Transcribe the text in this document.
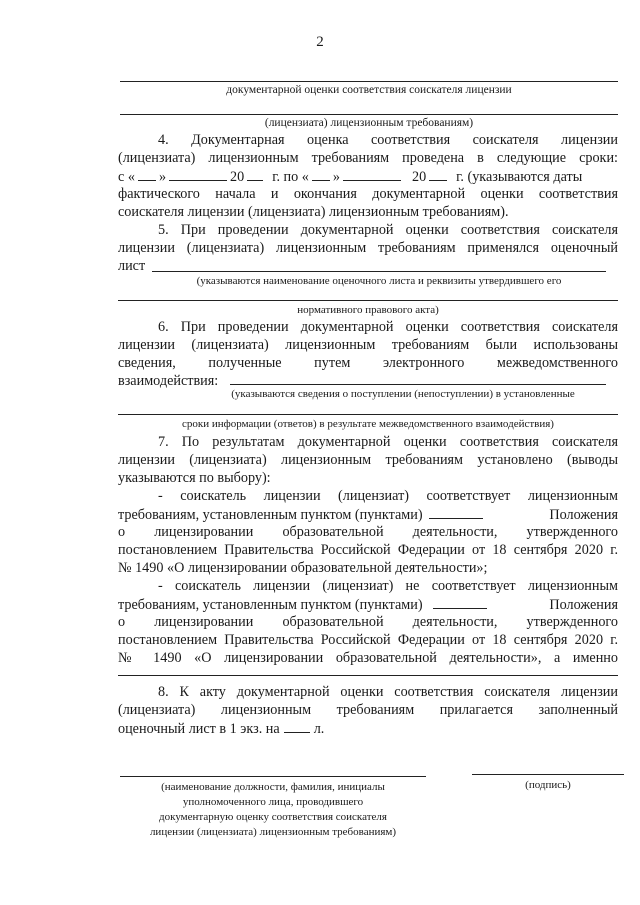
2
документарной оценки соответствия соискателя лицензии
(лицензиата) лицензионным требованиям)
4. Документарная оценка соответствия соискателя лицензии
(лицензиата) лицензионным требованиям проведена в следующие сроки:
с « »	20 г. по « »	20 г. (указываются даты
фактического начала и окончания документарной оценки соответствия
соискателя лицензии (лицензиата) лицензионным требованиям).
5. При проведении документарной оценки соответствия соискателя
лицензии (лицензиата) лицензионным требованиям применялся оценочный
лист
(указываются наименование оценочного листа и реквизиты утвердившего его
нормативного правового акта)
6. При проведении документарной оценки соответствия соискателя
лицензии (лицензиата) лицензионным требованиям были использованы
сведения, полученные путем электронного межведомственного
взаимодействия:
(указываются сведения о поступлении (непоступлении) в установленные
сроки информации (ответов) в результате межведомственного взаимодействия)
7. По результатам документарной оценки соответствия соискателя
лицензии (лицензиата) лицензионным требованиям установлено (выводы
указываются по выбору):
- соискатель лицензии (лицензиат) соответствует лицензионным
требованиям, установленным пунктом (пунктами)	Положения
о лицензировании образовательной деятельности, утвержденного
постановлением Правительства Российской Федерации от 18 сентября 2020 г.
№ 1490 «О лицензировании образовательной деятельности»;
- соискатель лицензии (лицензиат) не соответствует лицензионным
требованиям, установленным пунктом (пунктами)	Положения
о лицензировании образовательной деятельности, утвержденного
постановлением Правительства Российской Федерации от 18 сентября 2020 г.
№ 1490 «О лицензировании образовательной деятельности», а именно
8. К акту документарной оценки соответствия соискателя лицензии
(лицензиата) лицензионным требованиям прилагается заполненный
оценочный лист в 1 экз. на л.
(наименование должности, фамилия, инициалы
уполномоченного лица, проводившего
документарную оценку соответствия соискателя
лицензии (лицензиата) лицензионным требованиям)
(подпись)
